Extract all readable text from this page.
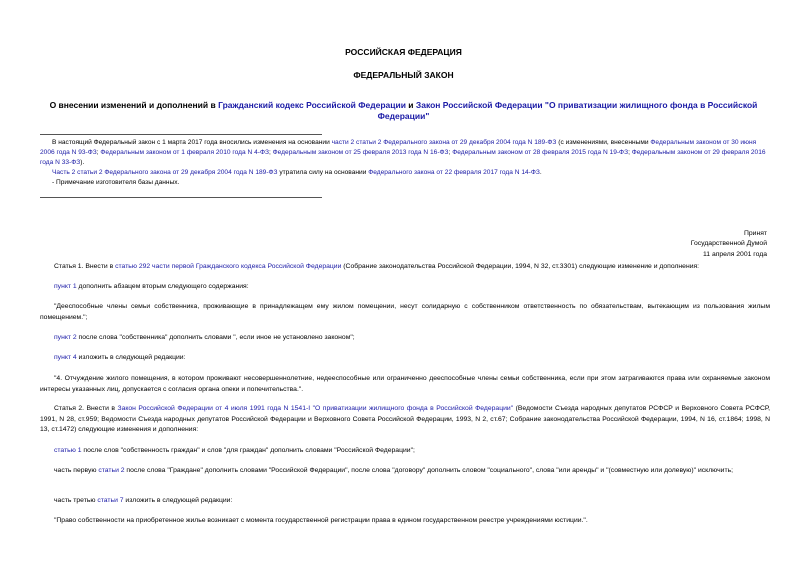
РОССИЙСКАЯ ФЕДЕРАЦИЯ
ФЕДЕРАЛЬНЫЙ ЗАКОН
О внесении изменений и дополнений в Гражданский кодекс Российской Федерации и Закон Российской Федерации "О приватизации жилищного фонда в Российской Федерации"

В настоящий Федеральный закон с 1 марта 2017 года вносились изменения на основании части 2 статьи 2 Федерального закона от 29 декабря 2004 года N 189-ФЗ (с изменениями, внесенными Федеральным законом от 30 июня 2006 года N 93-ФЗ; Федеральным законом от 1 февраля 2010 года N 4-ФЗ; Федеральным законом от 25 февраля 2013 года N 16-ФЗ; Федеральным законом от 28 февраля 2015 года N 19-ФЗ; Федеральным законом от 29 февраля 2016 года N 33-ФЗ).

Часть 2 статьи 2 Федерального закона от 29 декабря 2004 года N 189-ФЗ утратила силу на основании Федерального закона от 22 февраля 2017 года N 14-ФЗ.

- Примечание изготовителя базы данных.

Принят
Государственной Думой
11 апреля 2001 года

Статья 1. Внести в статью 292 части первой Гражданского кодекса Российской Федерации (Собрание законодательства Российской Федерации, 1994, N 32, ст.3301) следующие изменение и дополнения:

пункт 1 дополнить абзацем вторым следующего содержания:

"Дееспособные члены семьи собственника, проживающие в принадлежащем ему жилом помещении, несут солидарную с собственником ответственность по обязательствам, вытекающим из пользования жилым помещением.";

пункт 2 после слова "собственника" дополнить словами ", если иное не установлено законом";

пункт 4 изложить в следующей редакции:

"4. Отчуждение жилого помещения, в котором проживают несовершеннолетние, недееспособные или ограниченно дееспособные члены семьи собственника, если при этом затрагиваются права или охраняемые законом интересы указанных лиц, допускается с согласия органа опеки и попечительства.".

Статья 2. Внести в Закон Российской Федерации от 4 июля 1991 года N 1541-I "О приватизации жилищного фонда в Российской Федерации" (Ведомости Съезда народных депутатов РСФСР и Верховного Совета РСФСР, 1991, N 28, ст.959; Ведомости Съезда народных депутатов Российской Федерации и Верховного Совета Российской Федерации, 1993, N 2, ст.67; Собрание законодательства Российской Федерации, 1994, N 16, ст.1864; 1998, N 13, ст.1472) следующие изменения и дополнения:

статью 1 после слов "собственность граждан" и слов "для граждан" дополнить словами "Российской Федерации";

часть первую статьи 2 после слова "Граждане" дополнить словами "Российской Федерации", после слова "договору" дополнить словом "социального", слова "или аренды" и "(совместную или долевую)" исключить;

часть третью статьи 7 изложить в следующей редакции:

"Право собственности на приобретенное жилье возникает с момента государственной регистрации права в едином государственном реестре учреждениями юстиции.".
